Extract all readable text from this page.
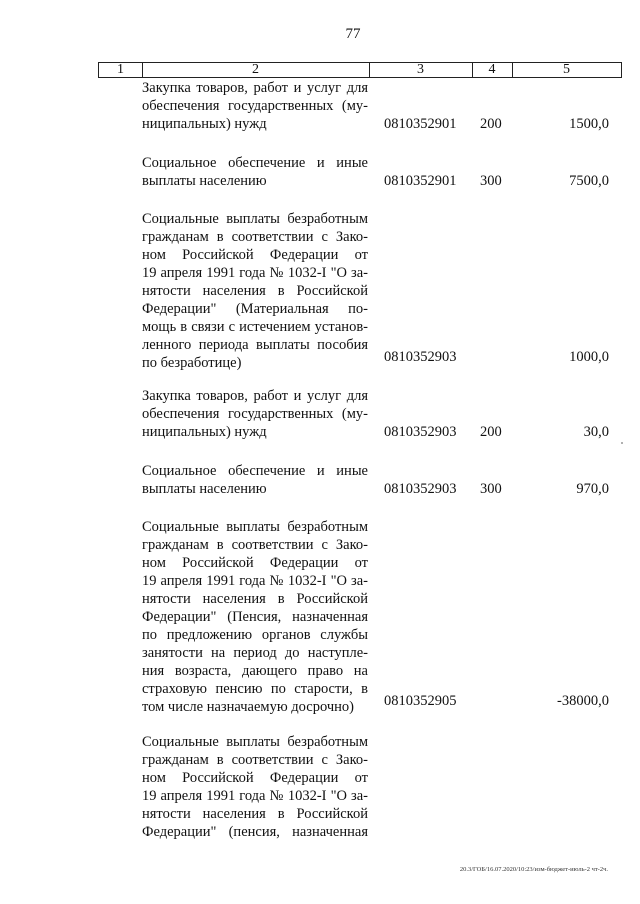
77
1	2	3	4	5
Закупка товаров, работ и услуг для
обеспечения государственных (му-
ниципальных) нужд	0810352901 200	1500,0
Социальное обеспечение и иные
выплаты населению	0810352901 300	7500,0
Социальные выплаты безработным
гражданам в соответствии с Зако-
ном Российской Федерации от
19 апреля 1991 года № 1032-I "О за-
нятости населения в Российской
Федерации" (Материальная по-
мощь в связи с истечением установ-
ленного периода выплаты пособия
по безработице)	0810352903	1000,0
Закупка товаров, работ и услуг для
обеспечения государственных (му-
ниципальных) нужд	0810352903 200	30,0
Социальное обеспечение и иные
выплаты населению	0810352903 300	970,0
Социальные выплаты безработным
гражданам в соответствии с Зако-
ном Российской Федерации от
19 апреля 1991 года № 1032-I "О за-
нятости населения в Российской
Федерации" (Пенсия, назначенная
по предложению органов службы
занятости на период до наступле-
ния возраста, дающего право на
страховую пенсию по старости, в
том числе назначаемую досрочно)	0810352905	-38000,0
Социальные выплаты безработным
гражданам в соответствии с Зако-
ном Российской Федерации от
19 апреля 1991 года № 1032-I "О за-
нятости населения в Российской
Федерации" (пенсия, назначенная
20.3/ГОБ/16.07.2020/10:23/изм-бюджет-июль-2 чт-2ч.
